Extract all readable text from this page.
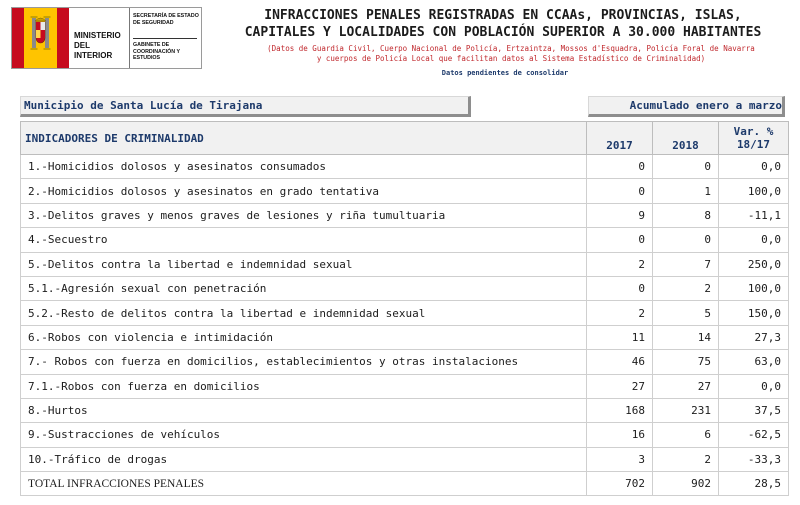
MINISTERIO DEL INTERIOR
SECRETARÍA DE ESTADO DE SEGURIDAD
GABINETE DE COORDINACIÓN Y ESTUDIOS
INFRACCIONES PENALES REGISTRADAS EN CCAAs, PROVINCIAS, ISLAS,
CAPITALES Y LOCALIDADES CON POBLACIÓN SUPERIOR A 30.000 HABITANTES
(Datos de Guardia Civil, Cuerpo Nacional de Policía, Ertzaintza, Mossos d'Esquadra, Policía Foral de Navarra
y cuerpos de Policía Local que facilitan datos al Sistema Estadístico de Criminalidad)
Datos pendientes de consolidar
Municipio de Santa Lucía de Tirajana	Acumulado enero a marzo
INDICADORES DE CRIMINALIDAD	2017	2018	Var. %
18/17

1.-Homicidios dolosos y asesinatos consumados	0	0	0,0
2.-Homicidios dolosos y asesinatos en grado tentativa	0	1	100,0
3.-Delitos graves y menos graves de lesiones y riña tumultuaria	9	8	-11,1
4.-Secuestro	0	0	0,0
5.-Delitos contra la libertad e indemnidad sexual	2	7	250,0
5.1.-Agresión sexual con penetración	0	2	100,0
5.2.-Resto de delitos contra la libertad e indemnidad sexual	2	5	150,0
6.-Robos con violencia e intimidación	11	14	27,3
7.- Robos con fuerza en domicilios, establecimientos y otras instalaciones	46	75	63,0
7.1.-Robos con fuerza en domicilios	27	27	0,0
8.-Hurtos	168	231	37,5
9.-Sustracciones de vehículos	16	6	-62,5
10.-Tráfico de drogas	3	2	-33,3
TOTAL INFRACCIONES PENALES	702	902	28,5
